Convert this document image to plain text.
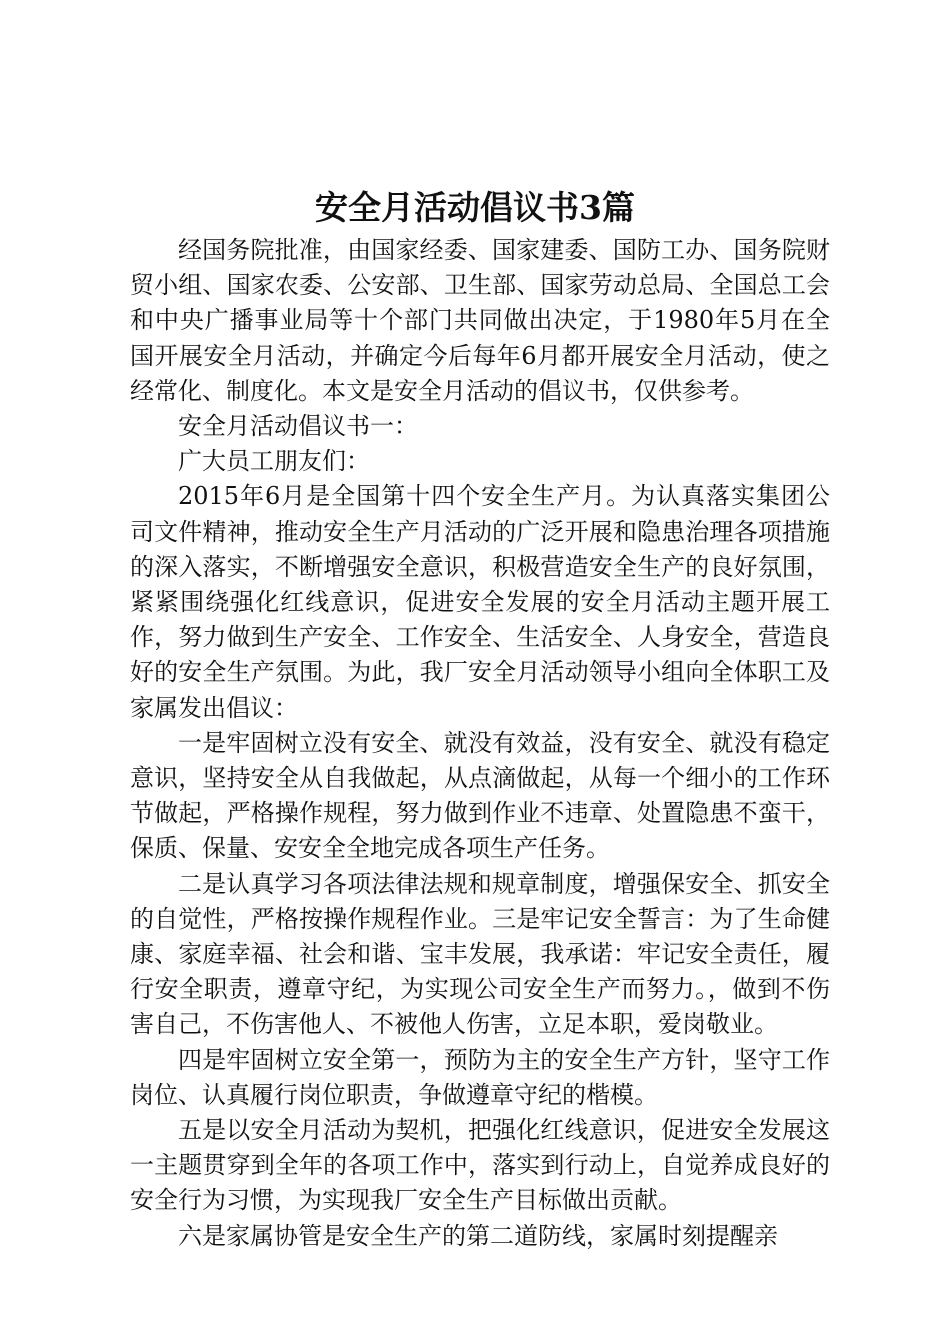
安全月活动倡议书3篇

经国务院批准，由国家经委、国家建委、国防工办、国务院财贸小组、国家农委、公安部、卫生部、国家劳动总局、全国总工会和中央广播事业局等十个部门共同做出决定，于1980年5月在全国开展安全月活动，并确定今后每年6月都开展安全月活动，使之经常化、制度化。本文是安全月活动的倡议书，仅供参考。

安全月活动倡议书一：

广大员工朋友们：

2015年6月是全国第十四个安全生产月。为认真落实集团公司文件精神，推动安全生产月活动的广泛开展和隐患治理各项措施的深入落实，不断增强安全意识，积极营造安全生产的良好氛围，紧紧围绕强化红线意识，促进安全发展的安全月活动主题开展工作，努力做到生产安全、工作安全、生活安全、人身安全，营造良好的安全生产氛围。为此，我厂安全月活动领导小组向全体职工及家属发出倡议：

一是牢固树立没有安全、就没有效益，没有安全、就没有稳定意识，坚持安全从自我做起，从点滴做起，从每一个细小的工作环节做起，严格操作规程，努力做到作业不违章、处置隐患不蛮干，保质、保量、安安全全地完成各项生产任务。

二是认真学习各项法律法规和规章制度，增强保安全、抓安全的自觉性，严格按操作规程作业。三是牢记安全誓言：为了生命健康、家庭幸福、社会和谐、宝丰发展，我承诺：牢记安全责任，履行安全职责，遵章守纪，为实现公司安全生产而努力。，做到不伤害自己，不伤害他人、不被他人伤害，立足本职，爱岗敬业。

四是牢固树立安全第一，预防为主的安全生产方针，坚守工作岗位、认真履行岗位职责，争做遵章守纪的楷模。

五是以安全月活动为契机，把强化红线意识，促进安全发展这一主题贯穿到全年的各项工作中，落实到行动上，自觉养成良好的安全行为习惯，为实现我厂安全生产目标做出贡献。

六是家属协管是安全生产的第二道防线，家属时刻提醒亲
